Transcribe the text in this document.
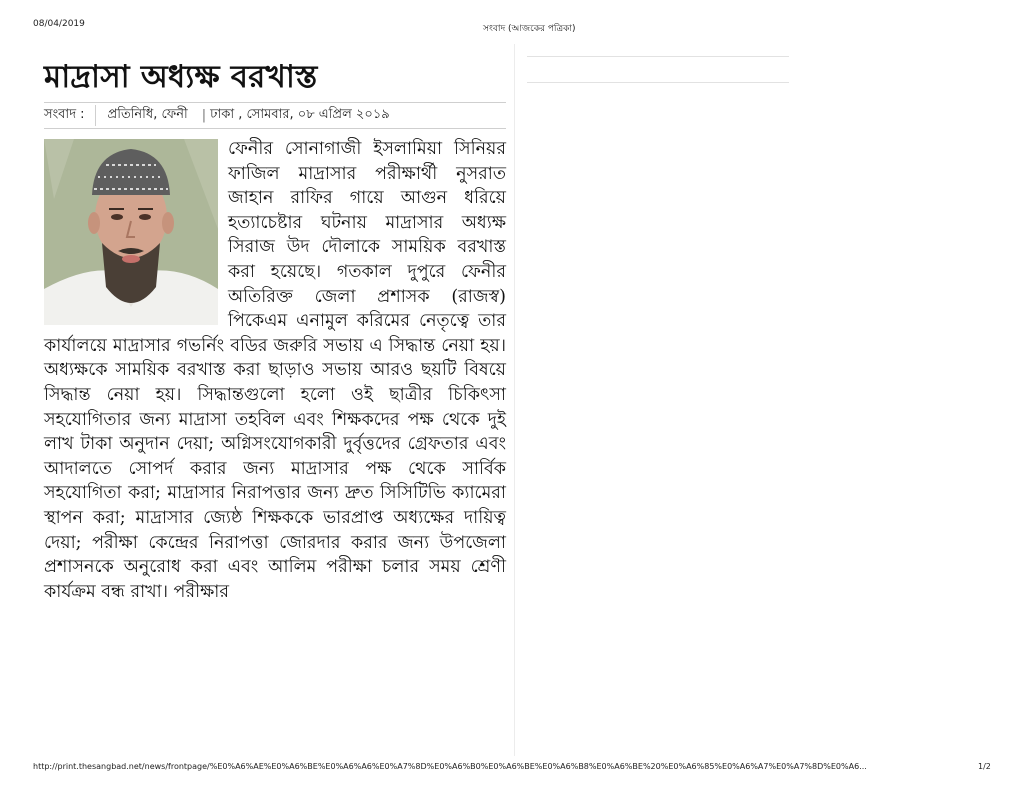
08/04/2019	সংবাদ (আজকের পত্রিকা)
মাদ্রাসা অধ্যক্ষ বরখাস্ত
সংবাদ :	প্রতিনিধি, ফেনী	| ঢাকা , সোমবার, ০৮ এপ্রিল ২০১৯

ফেনীর সোনাগাজী ইসলামিয়া সিনিয়র ফাজিল মাদ্রাসার পরীক্ষার্থী নুসরাত জাহান রাফির গায়ে আগুন ধরিয়ে হত্যাচেষ্টার ঘটনায় মাদ্রাসার অধ্যক্ষ সিরাজ উদ দৌলাকে সাময়িক বরখাস্ত করা হয়েছে। গতকাল দুপুরে ফেনীর অতিরিক্ত জেলা প্রশাসক (রাজস্ব) পিকেএম এনামুল করিমের নেতৃত্বে তার কার্যালয়ে মাদ্রাসার গভর্নিং বডির জরুরি সভায় এ সিদ্ধান্ত নেয়া হয়। অধ্যক্ষকে সাময়িক বরখাস্ত করা ছাড়াও সভায় আরও ছয়টি বিষয়ে সিদ্ধান্ত নেয়া হয়। সিদ্ধান্তগুলো হলো ওই ছাত্রীর চিকিৎসা সহযোগিতার জন্য মাদ্রাসা তহবিল এবং শিক্ষকদের পক্ষ থেকে দুই লাখ টাকা অনুদান দেয়া; অগ্নিসংযোগকারী দুর্বৃত্তদের গ্রেফতার এবং আদালতে সোপর্দ করার জন্য মাদ্রাসার পক্ষ থেকে সার্বিক সহযোগিতা করা; মাদ্রাসার নিরাপত্তার জন্য দ্রুত সিসিটিভি ক্যামেরা স্থাপন করা; মাদ্রাসার জ্যেষ্ঠ শিক্ষককে ভারপ্রাপ্ত অধ্যক্ষের দায়িত্ব দেয়া; পরীক্ষা কেন্দ্রের নিরাপত্তা জোরদার করার জন্য উপজেলা প্রশাসনকে অনুরোধ করা এবং আলিম পরীক্ষা চলার সময় শ্রেণী কার্যক্রম বন্ধ রাখা। পরীক্ষার

http://print.thesangbad.net/news/frontpage/%E0%A6%AE%E0%A6%BE%E0%A6%A6%E0%A7%8D%E0%A6%B0%E0%A6%BE%E0%A6%B8%E0%A6%BE%20%E0%A6%85%E0%A6%A7%E0%A7%8D%E0%A6...	1/2
